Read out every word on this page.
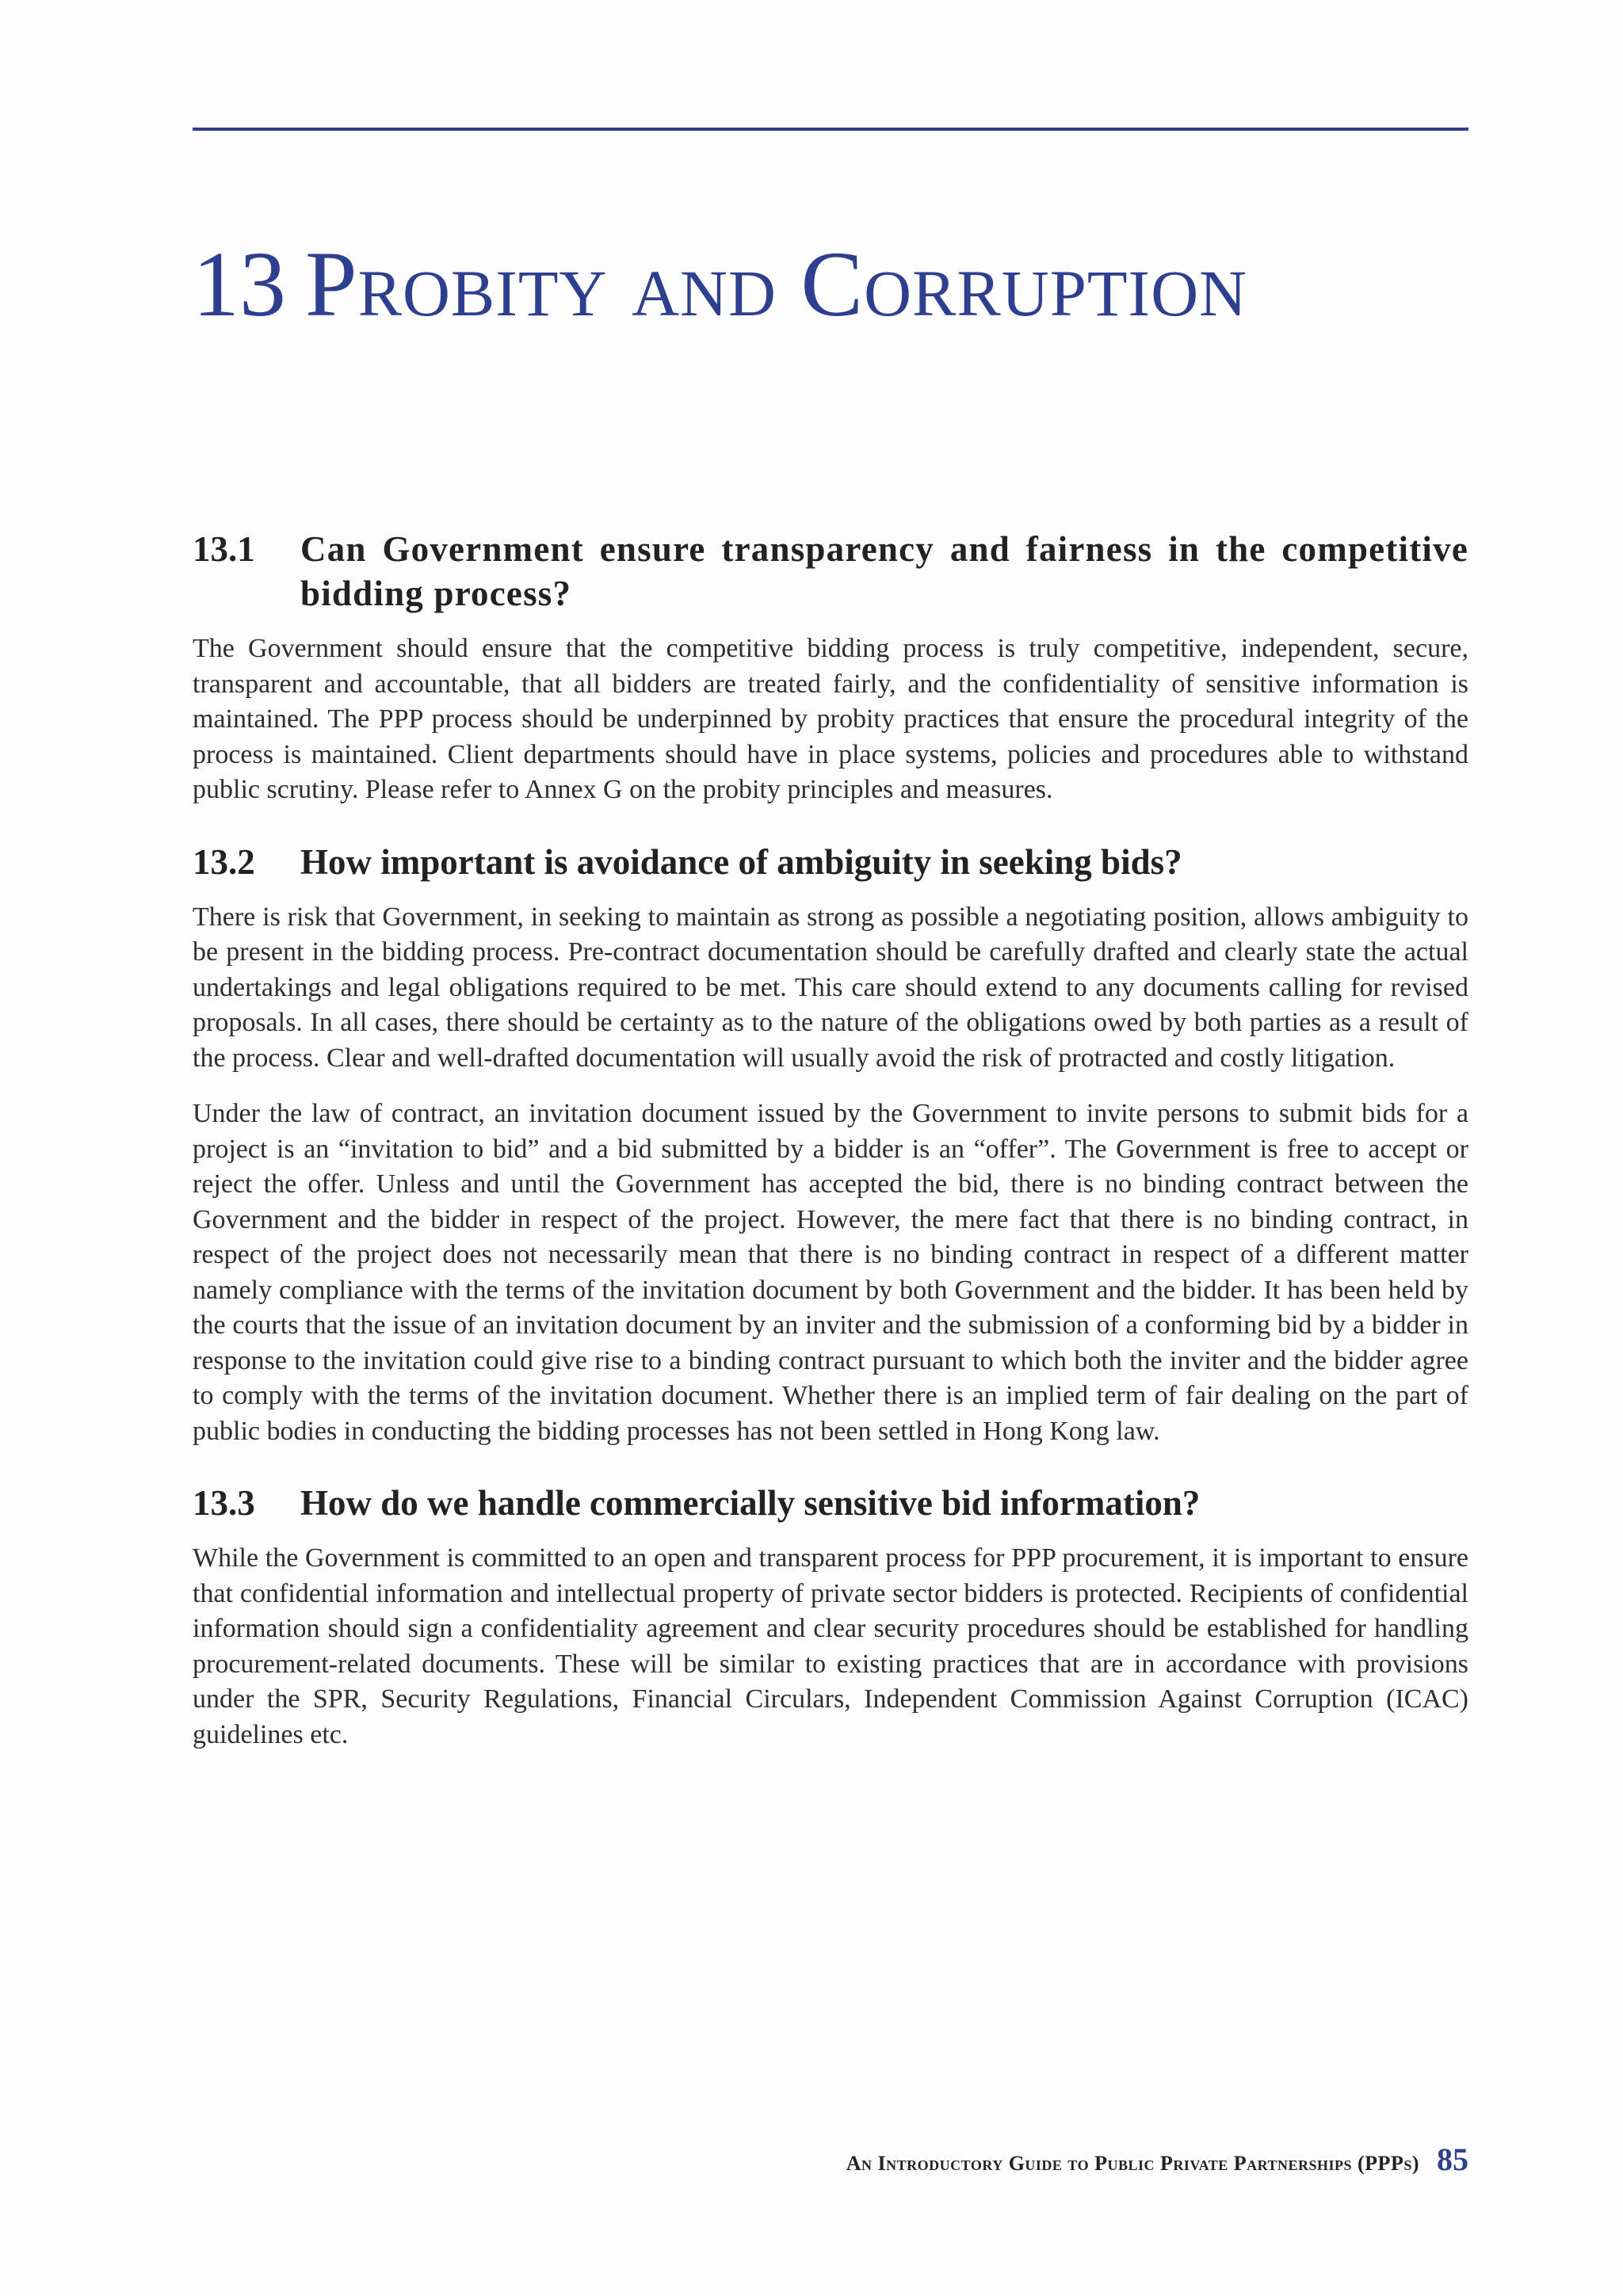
13 Probity and Corruption
13.1	Can Government ensure transparency and fairness in the competitive bidding process?

The Government should ensure that the competitive bidding process is truly competitive, independent, secure, transparent and accountable, that all bidders are treated fairly, and the confidentiality of sensitive information is maintained. The PPP process should be underpinned by probity practices that ensure the procedural integrity of the process is maintained. Client departments should have in place systems, policies and procedures able to withstand public scrutiny. Please refer to Annex G on the probity principles and measures.

13.2	How important is avoidance of ambiguity in seeking bids?

There is risk that Government, in seeking to maintain as strong as possible a negotiating position, allows ambiguity to be present in the bidding process. Pre-contract documentation should be carefully drafted and clearly state the actual undertakings and legal obligations required to be met. This care should extend to any documents calling for revised proposals. In all cases, there should be certainty as to the nature of the obligations owed by both parties as a result of the process. Clear and well-drafted documentation will usually avoid the risk of protracted and costly litigation.

Under the law of contract, an invitation document issued by the Government to invite persons to submit bids for a project is an “invitation to bid” and a bid submitted by a bidder is an “offer”. The Government is free to accept or reject the offer. Unless and until the Government has accepted the bid, there is no binding contract between the Government and the bidder in respect of the project. However, the mere fact that there is no binding contract, in respect of the project does not necessarily mean that there is no binding contract in respect of a different matter namely compliance with the terms of the invitation document by both Government and the bidder. It has been held by the courts that the issue of an invitation document by an inviter and the submission of a conforming bid by a bidder in response to the invitation could give rise to a binding contract pursuant to which both the inviter and the bidder agree to comply with the terms of the invitation document. Whether there is an implied term of fair dealing on the part of public bodies in conducting the bidding processes has not been settled in Hong Kong law.

13.3	How do we handle commercially sensitive bid information?

While the Government is committed to an open and transparent process for PPP procurement, it is important to ensure that confidential information and intellectual property of private sector bidders is protected. Recipients of confidential information should sign a confidentiality agreement and clear security procedures should be established for handling procurement-related documents. These will be similar to existing practices that are in accordance with provisions under the SPR, Security Regulations, Financial Circulars, Independent Commission Against Corruption (ICAC) guidelines etc.

An Introductory Guide to Public Private Partnerships (PPPs) 85
